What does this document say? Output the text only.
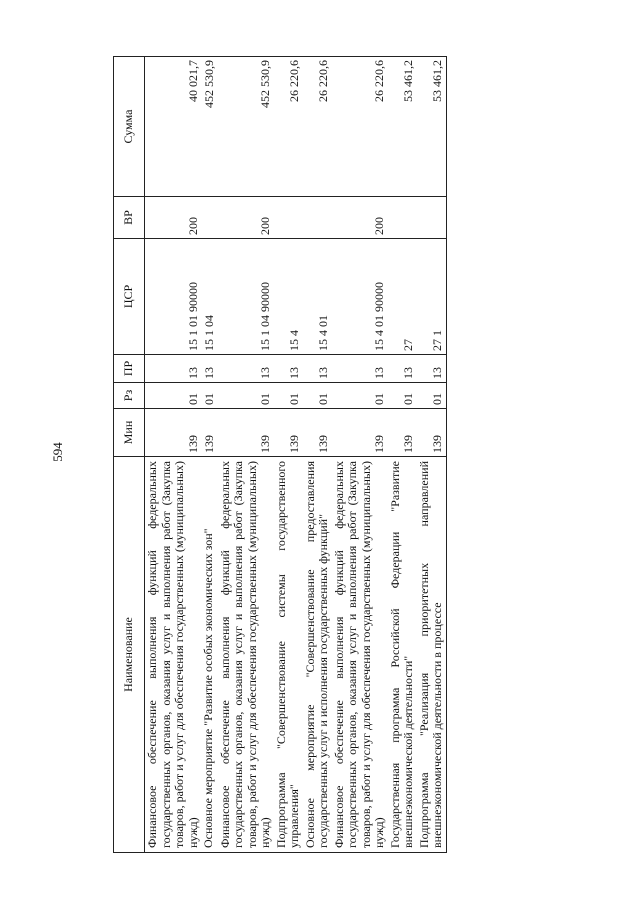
594
Наименование	Мин	Рз	ПР	ЦСР	ВР	Сумма
Финансовое обеспечение выполнения функций федеральных государственных органов, оказания услуг и выполнения работ (Закупка товаров, работ и услуг для обеспечения государственных (муниципальных) нужд)	139	01	13	15 1 01 90000	200	40 021,7
Основное мероприятие "Развитие особых экономических зон"	139	01	13	15 1 04		452 530,9
Финансовое обеспечение выполнения функций федеральных государственных органов, оказания услуг и выполнения работ (Закупка товаров, работ и услуг для обеспечения государственных (муниципальных) нужд)	139	01	13	15 1 04 90000	200	452 530,9
Подпрограмма "Совершенствование системы государственного управления"	139	01	13	15 4		26 220,6
Основное мероприятие "Совершенствование предоставления государственных услуг и исполнения государственных функций"	139	01	13	15 4 01		26 220,6
Финансовое обеспечение выполнения функций федеральных государственных органов, оказания услуг и выполнения работ (Закупка товаров, работ и услуг для обеспечения государственных (муниципальных) нужд)	139	01	13	15 4 01 90000	200	26 220,6
Государственная программа Российской Федерации "Развитие внешнеэкономической деятельности"	139	01	13	27		53 461,2
Подпрограмма "Реализация приоритетных направлений внешнеэкономической деятельности в процессе	139	01	13	27 1		53 461,2
